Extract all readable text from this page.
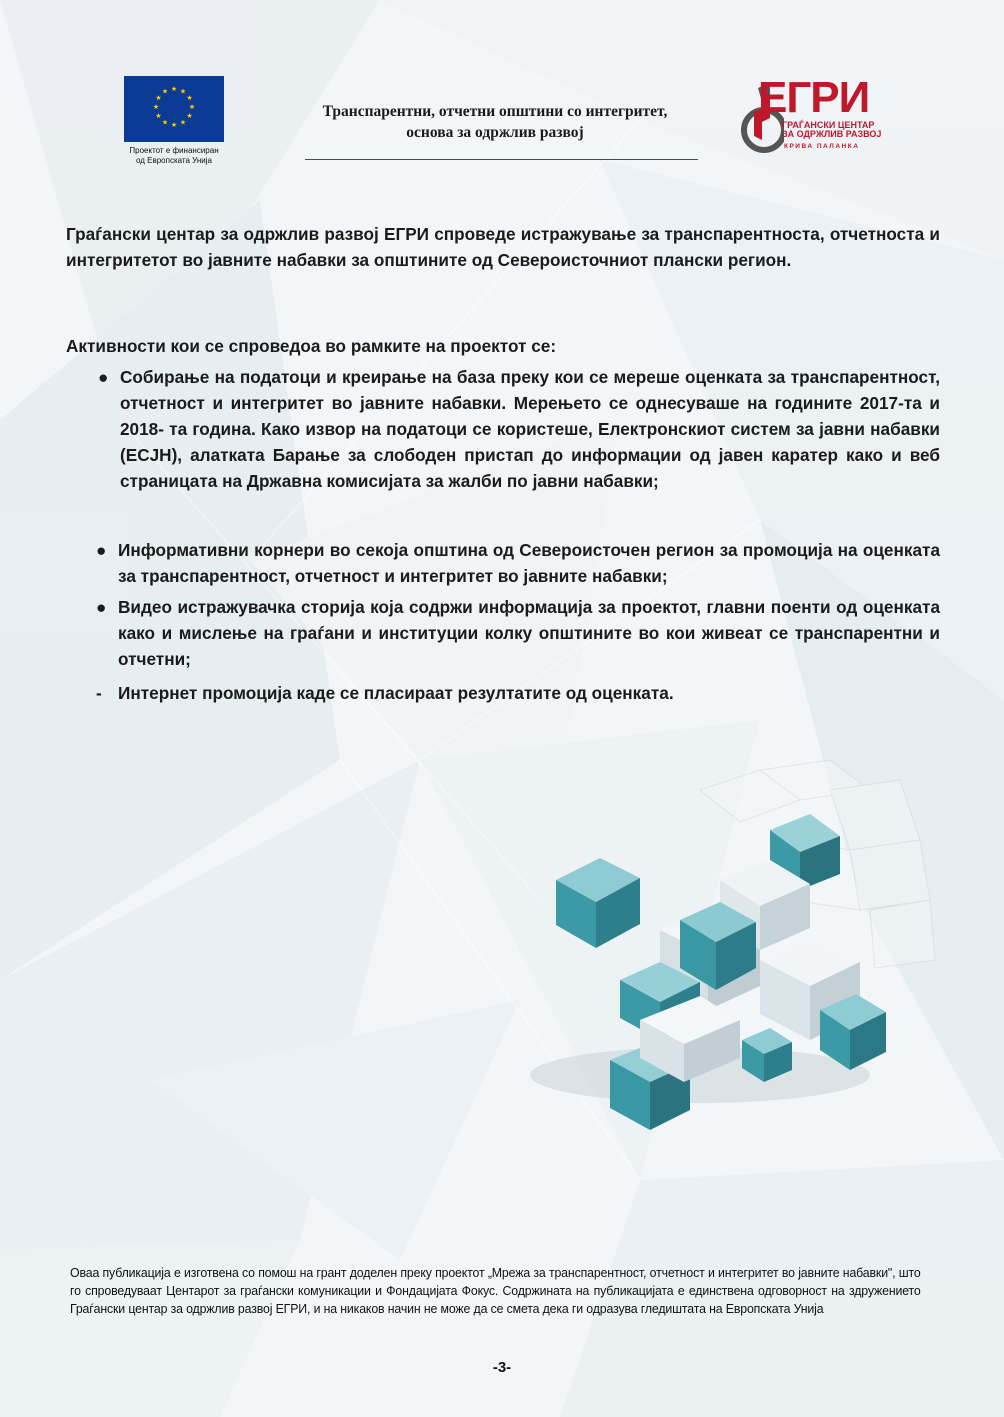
★ ★
★
★
★
★
★
★
★
★
★
★
Проектот е финансиран
од Европската Унија
Транспарентни, отчетни општини со интегритет,
основа за одржлив развој
ЕГРИ
ГРАЃАНСКИ ЦЕНТАР
ЗА ОДРЖЛИВ РАЗВОЈ
КРИВА ПАЛАНКА
Граѓански центар за одржлив развој ЕГРИ спроведе истражување за транспарентноста, отчетноста и интегритетот во јавните набавки за општините од Североисточниот плански регион.
Активности кои се спроведоа во рамките на проектот се:
● Собирање на податоци и креирање на база преку кои се мереше оценката за транспарентност, отчетност и интегритет во јавните набавки. Мерењето се однесуваше на годините 2017-та и 2018- та година. Како извор на податоци се користеше, Електронскиот систем за јавни набавки (ЕСЈН), алатката Барање за слободен пристап до информации од јавен каратер како и веб страницата на Државна комисијата за жалби по јавни набавки;
● Информативни корнери во секоја општина од Североисточен регион за промоција на оценката за транспарентност, отчетност и интегритет во јавните набавки;
● Видео истражувачка сторија која содржи информација за проектот, главни поенти од оценката како и мислење на граѓани и институции колку општините во кои живеат се транспарентни и отчетни;
- Интернет промоција каде се пласираат резултатите од оценката.
Оваа публикација е изготвена со помош на грант доделен преку проектот „Мрежа за транспарентност, отчетност и интегритет во јавните набавки", што го спроведуваат Центарот за граѓански комуникации и Фондацијата Фокус. Содржината на публикацијата е единствена одговорност на здружението Граѓански центар за одржлив развој ЕГРИ, и на никаков начин не може да се смета дека ги одразува гледиштата на Европската Унија
-3-
